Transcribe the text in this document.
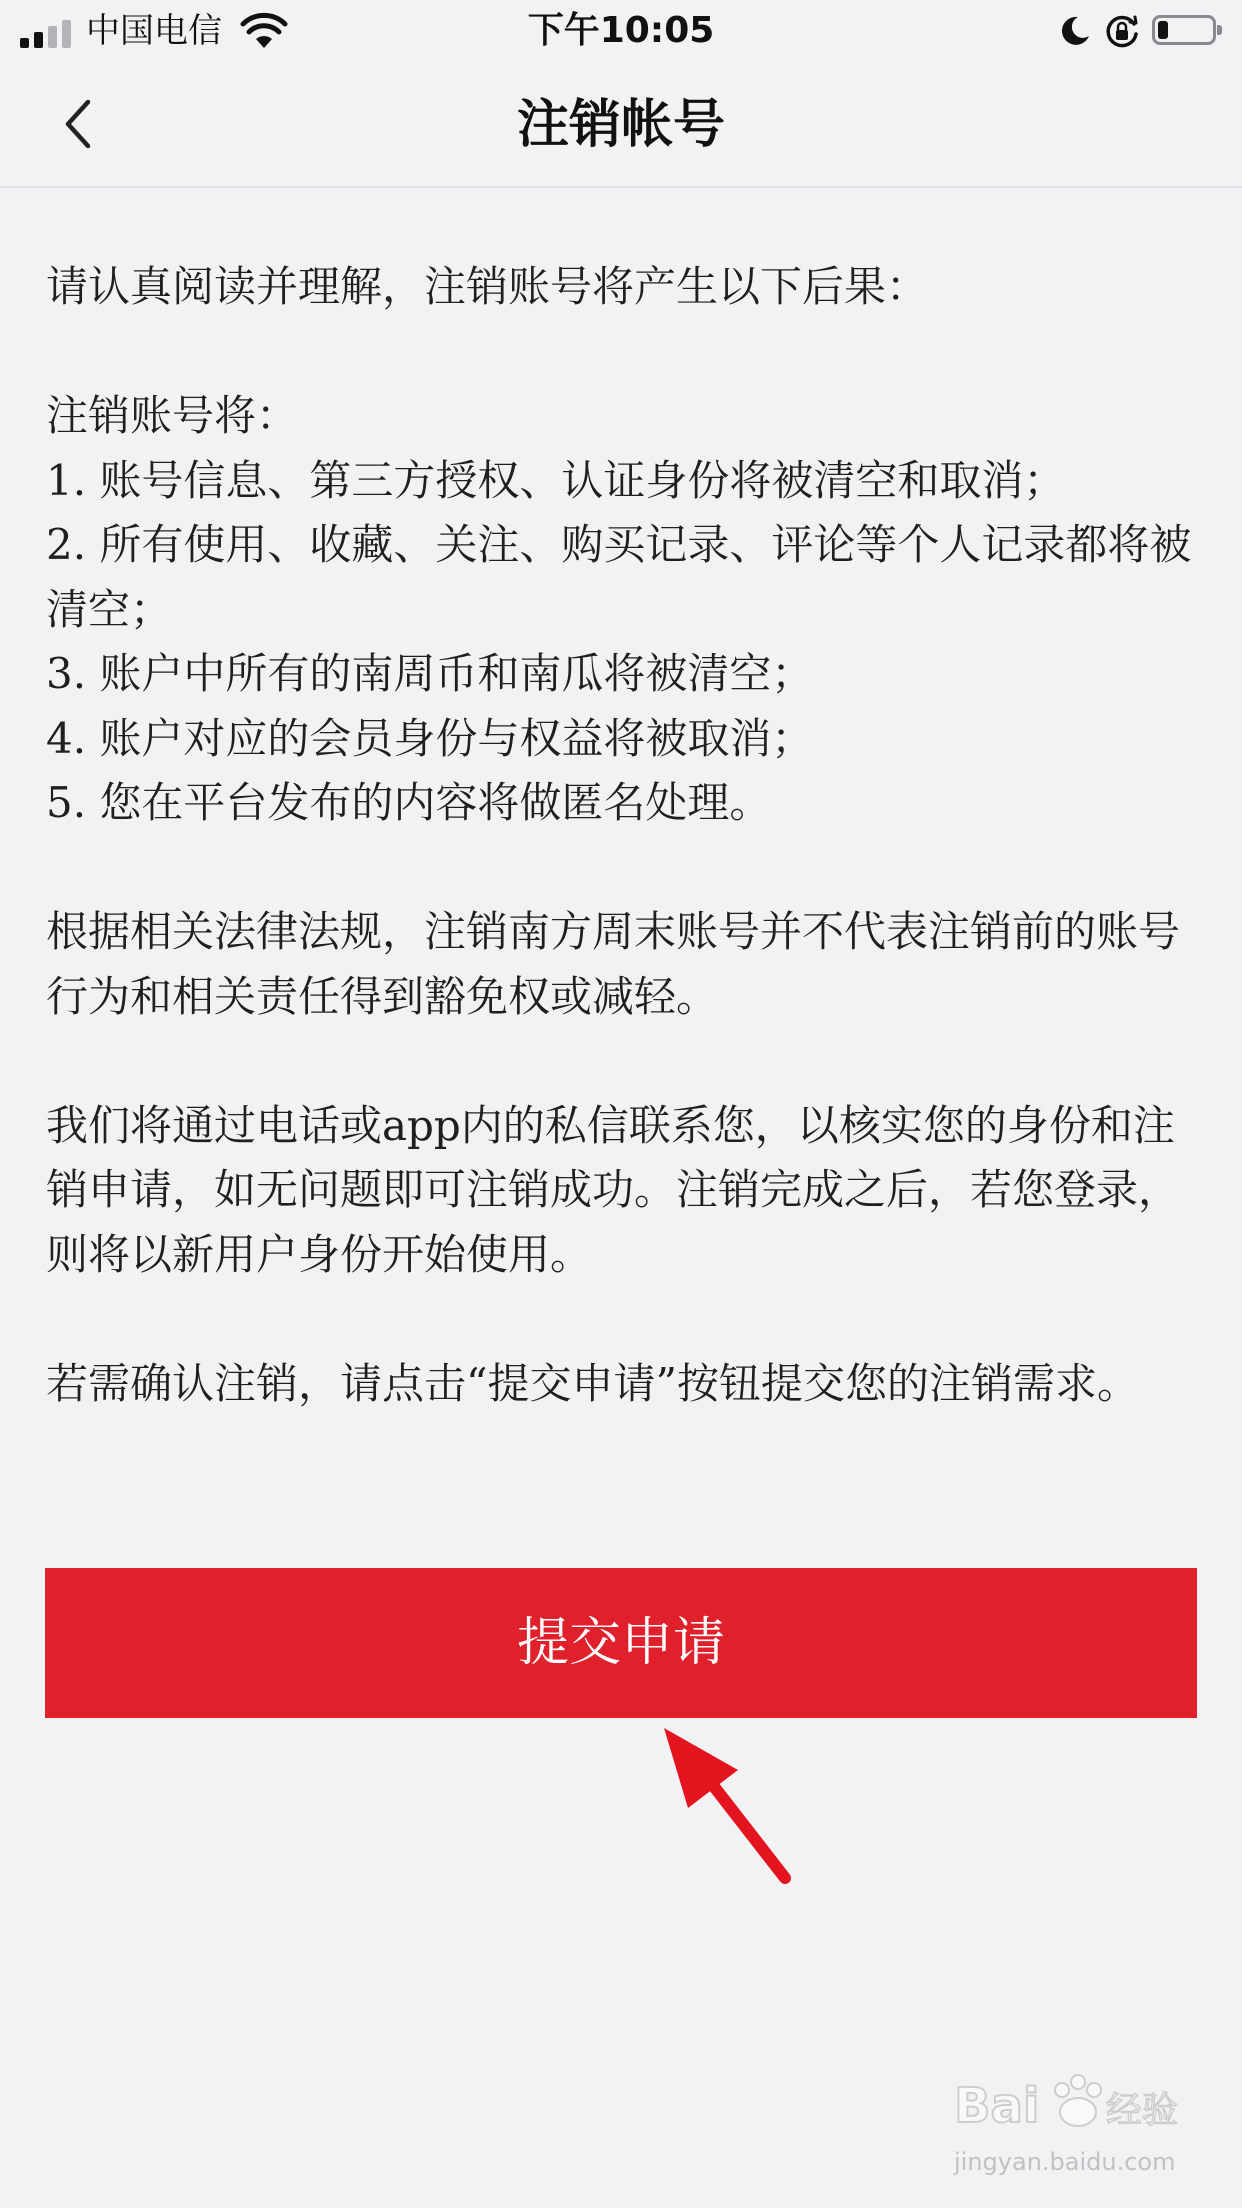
中国电信	下午10:05
注销帐号

请认真阅读并理解，注销账号将产生以下后果：

注销账号将：

1. 账号信息、第三方授权、认证身份将被清空和取消；

2. 所有使用、收藏、关注、购买记录、评论等个人记录都将被清空；

3. 账户中所有的南周币和南瓜将被清空；

4. 账户对应的会员身份与权益将被取消；

5. 您在平台发布的内容将做匿名处理。

根据相关法律法规，注销南方周末账号并不代表注销前的账号行为和相关责任得到豁免权或减轻。

我们将通过电话或app内的私信联系您，以核实您的身份和注销申请，如无问题即可注销成功。注销完成之后，若您登录，则将以新用户身份开始使用。

若需确认注销，请点击“提交申请”按钮提交您的注销需求。

提交申请
Bai 经验
jingyan.baidu.com
